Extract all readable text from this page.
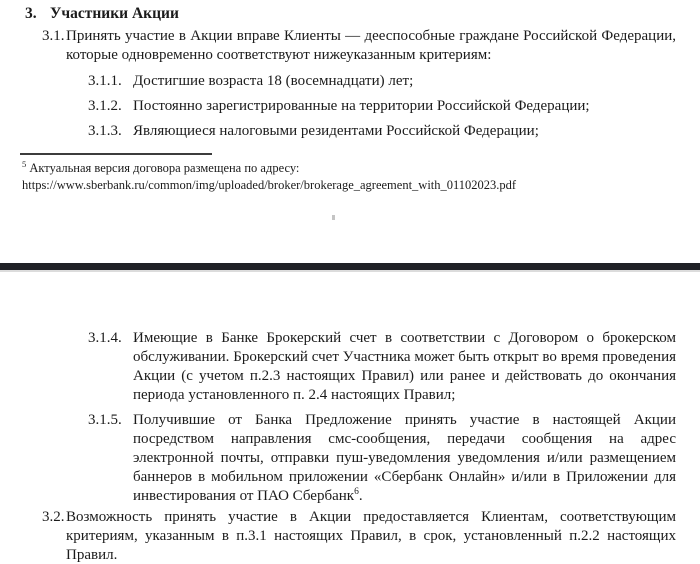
3. Участники Акции
3.1. Принять участие в Акции вправе Клиенты — дееспособные граждане Российской Федерации, которые одновременно соответствуют нижеуказанным критериям:
3.1.1. Достигшие возраста 18 (восемнадцати) лет;
3.1.2. Постоянно зарегистрированные на территории Российской Федерации;
3.1.3. Являющиеся налоговыми резидентами Российской Федерации;
$^5$ Актуальная версия договора размещена по адресу:
https://www.sberbank.ru/common/img/uploaded/broker/brokerage_agreement_with_01102023.pdf
3.1.4. Имеющие в Банке Брокерский счет в соответствии с Договором о брокерском обслуживании. Брокерский счет Участника может быть открыт во время проведения Акции (с учетом п.2.3 настоящих Правил) или ранее и действовать до окончания периода установленного п. 2.4 настоящих Правил;
3.1.5. Получившие от Банка Предложение принять участие в настоящей Акции посредством направления смс-сообщения, передачи сообщения на адрес электронной почты, отправки пуш-уведомления уведомления и/или размещением баннеров в мобильном приложении «Сбербанк Онлайн» и/или в Приложении для инвестирования от ПАО Сбербанк$^6$.
3.2. Возможность принять участие в Акции предоставляется Клиентам, соответствующим критериям, указанным в п.3.1 настоящих Правил, в срок, установленный п.2.2 настоящих Правил.
